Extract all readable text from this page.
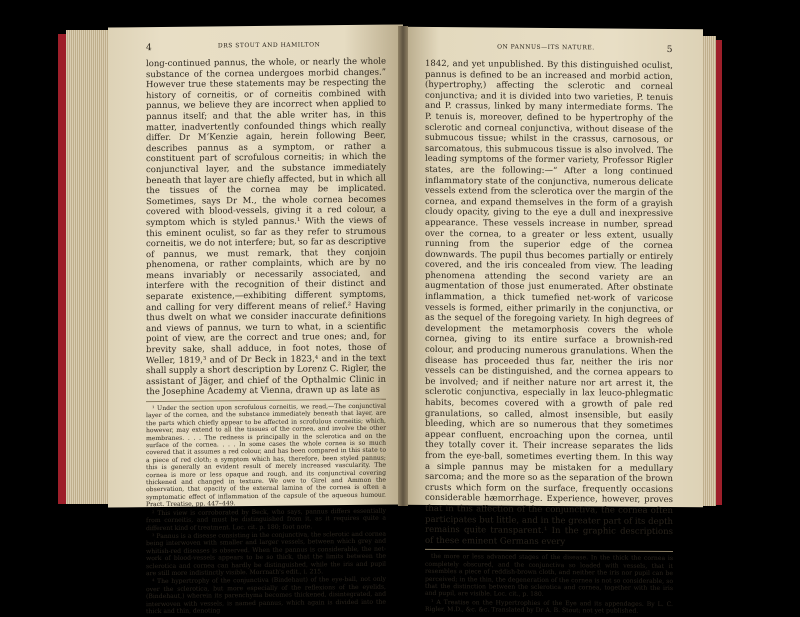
4	DRS STOUT AND HAMILTON

long-continued pannus, the whole, or nearly the whole substance of the cornea undergoes morbid changes.” However true these statements may be respecting the history of corneitis, or of corneitis combined with pannus, we believe they are incorrect when applied to pannus itself; and that the able writer has, in this matter, inadvertently confounded things which really differ. Dr M‘Kenzie again, herein following Beer, describes pannus as a symptom, or rather a constituent part of scrofulous corneitis; in which the conjunctival layer, and the substance immediately beneath that layer are chiefly affected, but in which all the tissues of the cornea may be implicated. Sometimes, says Dr M., the whole cornea becomes covered with blood-vessels, giving it a red colour, a symptom which is styled pannus.¹ With the views of this eminent oculist, so far as they refer to strumous corneitis, we do not interfere; but, so far as descriptive of pannus, we must remark, that they conjoin phenomena, or rather complaints, which are by no means invariably or necessarily associated, and interfere with the recognition of their distinct and separate existence,—exhibiting different symptoms, and calling for very different means of relief.² Having thus dwelt on what we consider inaccurate definitions and views of pannus, we turn to what, in a scientific point of view, are the correct and true ones; and, for brevity sake, shall adduce, in foot notes, those of Weller, 1819,³ and of Dr Beck in 1823,⁴ and in the text shall supply a short description by Lorenz C. Rigler, the assistant of Jäger, and chief of the Opthalmic Clinic in the Josephine Academy at Vienna, drawn up as late as

¹ Under the section upon scrofulous corneitis, we read,—The conjunctival layer of the cornea, and the substance immediately beneath that layer, are the parts which chiefly appear to be affected in scrofulous corneitis; which, however, may extend to all the tissues of the cornea, and involve the other membranes. . . . The redness is principally in the sclerotica and on the surface of the cornea. . . . In some cases the whole cornea is so much covered that it assumes a red colour, and has been compared in this state to a piece of red cloth; a symptom which has, therefore, been styled pannus; this is generally an evident result of merely increased vascularity. The cornea is more or less opaque and rough, and its conjunctival covering thickened and changed in texture. We owe to Girel and Ammon the observation, that opacity of the external lamina of the cornea is often a symptomatic effect of inflammation of the capsule of the aqueous humour. Pract. Treatise, pp. 447–449.

² This view is corroborated by Beck, who says, pannus differs essentially from corneitis, and must be distinguished from it, as it requires quite a different kind of treatment. Loc. cit. p. 180; foot note.

³ Pannus is a disease consisting in the conjunctiva, the sclerotic and cornea being interwoven with smaller and larger vessels, between which grey and whitish-red diseases is observed. When the pannus is considerable, the net-work of blood-vessels appears to be so thick, that the limits between the sclerotica and cornea can hardly be distinguished, while the iris and pupil are still more indistinctly visible. Morrnath's edit., i. 215.

⁴ The hypertrophy of the conjunctiva (Bindehaut) of the eye-ball, not only over the sclerotica, but more especially of the reflexions of the eyelids, (Bindehaut,) wherein its parenchyma becomes thickened, disintegrated, and interwoven with vessels, is named pannus, which again is divided into the thick and thin, denoting

ON PANNUS—ITS NATURE.	5

1842, and yet unpublished. By this distinguished oculist, pannus is defined to be an increased and morbid action, (hypertrophy,) affecting the sclerotic and corneal conjunctiva; and it is divided into two varieties, P. tenuis and P. crassus, linked by many intermediate forms. The P. tenuis is, moreover, defined to be hypertrophy of the sclerotic and corneal conjunctiva, without disease of the submucous tissue; whilst in the crassus, carnosous, or sarcomatous, this submucous tissue is also involved. The leading symptoms of the former variety, Professor Rigler states, are the following:—“ After a long continued inflammatory state of the conjunctiva, numerous delicate vessels extend from the sclerotica over the margin of the cornea, and expand themselves in the form of a grayish cloudy opacity, giving to the eye a dull and inexpressive appearance. These vessels increase in number, spread over the cornea, to a greater or less extent, usually running from the superior edge of the cornea downwards. The pupil thus becomes partially or entirely covered, and the iris concealed from view. The leading phenomena attending the second variety are an augmentation of those just enumerated. After obstinate inflammation, a thick tumefied net-work of varicose vessels is formed, either primarily in the conjunctiva, or as the sequel of the foregoing variety. In high degrees of development the metamorphosis covers the whole cornea, giving to its entire surface a brownish-red colour, and producing numerous granulations. When the disease has proceeded thus far, neither the iris nor vessels can be distinguished, and the cornea appears to be involved; and if neither nature nor art arrest it, the sclerotic conjunctiva, especially in lax leuco-phlegmatic habits, becomes covered with a growth of pale red granulations, so called, almost insensible, but easily bleeding, which are so numerous that they sometimes appear confluent, encroaching upon the cornea, until they totally cover it. Their increase separates the lids from the eye-ball, sometimes everting them. In this way a simple pannus may be mistaken for a medullary sarcoma; and the more so as the separation of the brown crusts which form on the surface, frequently occasions considerable hæmorrhage. Experience, however, proves that in this affection of the conjunctiva, the cornea often participates but little, and in the greater part of its depth remains quite transparent.¹ In the graphic descriptions of these eminent Germans every

the more or less advanced stages of the disease. In the thick the cornea is completely obscured, and the conjunctiva so loaded with vessels, that it resembles a piece of reddish-brown cloth, and neither the iris nor pupil can be perceived; in the thin, the degeneration of the cornea is not so considerable, so that the distinction between the sclerotica and cornea, together with the iris and pupil, are visible. Loc. cit., p. 180.

¹ A Treatise on the Hypertrophies of the Eye and its appendages. By L. C. Rigler, M.D., &c. &c. Translated by Dr A. B. Stout; not yet published.
